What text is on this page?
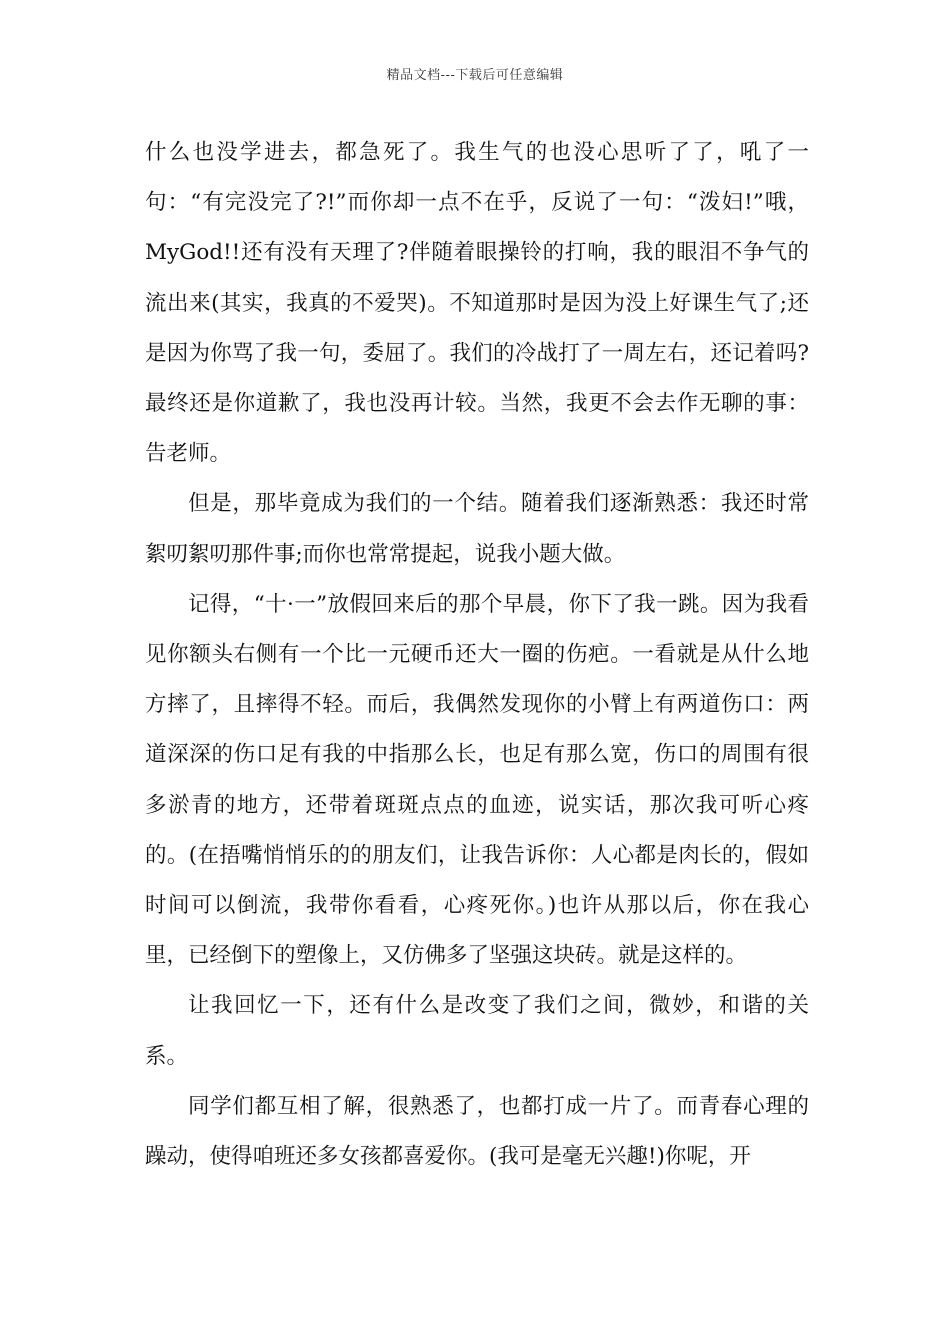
精品文档---下载后可任意编辑

什么也没学进去，都急死了。我生气的也没心思听了了，吼了一句：“有完没完了?!”而你却一点不在乎，反说了一句：“泼妇!”哦，MyGod!!还有没有天理了?伴随着眼操铃的打响，我的眼泪不争气的流出来(其实，我真的不爱哭)。不知道那时是因为没上好课生气了;还是因为你骂了我一句，委屈了。我们的冷战打了一周左右，还记着吗?最终还是你道歉了，我也没再计较。当然，我更不会去作无聊的事：告老师。

但是，那毕竟成为我们的一个结。随着我们逐渐熟悉：我还时常絮叨絮叨那件事;而你也常常提起，说我小题大做。

记得，“十·一”放假回来后的那个早晨，你下了我一跳。因为我看见你额头右侧有一个比一元硬币还大一圈的伤疤。一看就是从什么地方摔了，且摔得不轻。而后，我偶然发现你的小臂上有两道伤口：两道深深的伤口足有我的中指那么长，也足有那么宽，伤口的周围有很多淤青的地方，还带着斑斑点点的血迹，说实话，那次我可听心疼的。(在捂嘴悄悄乐的的朋友们，让我告诉你：人心都是肉长的，假如时间可以倒流，我带你看看，心疼死你。)也许从那以后，你在我心里，已经倒下的塑像上，又仿佛多了坚强这块砖。就是这样的。

让我回忆一下，还有什么是改变了我们之间，微妙，和谐的关系。

同学们都互相了解，很熟悉了，也都打成一片了。而青春心理的躁动，使得咱班还多女孩都喜爱你。(我可是毫无兴趣!)你呢，开
